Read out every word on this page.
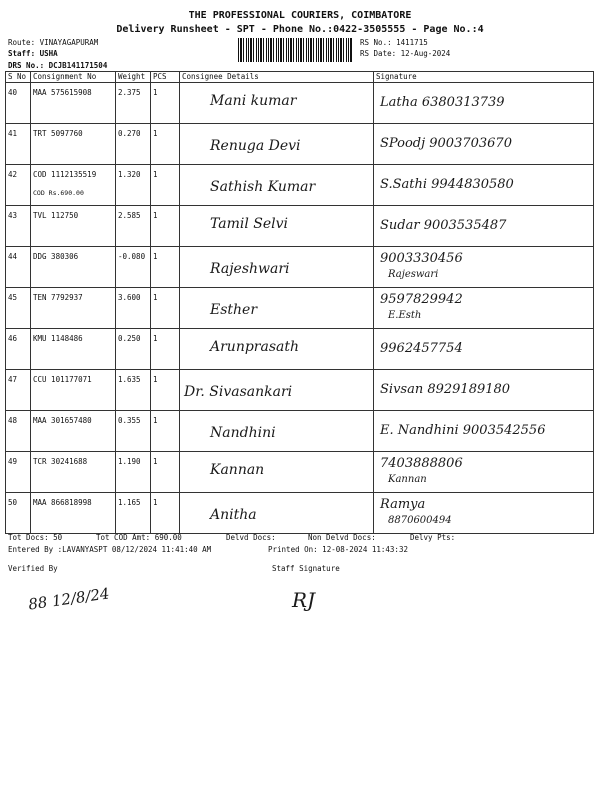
THE PROFESSIONAL COURIERS, COIMBATORE
Delivery Runsheet - SPT - Phone No.:0422-3505555 - Page No.:4
Route: VINAYAGAPURAM
Staff: USHA
DRS No.: DCJB141171504
RS No.: 1411715
RS Date: 12-Aug-2024
S No	Consignment No	Weight	PCS	Consignee Details	Signature
40	MAA 575615908	2.375	1	Mani kumar	Latha 6380313739

41	TRT 5097760	0.270	1	Renuga Devi	SPoodj 9003703670

42	COD 1112135519
COD Rs.690.00	1.320	1	Sathish Kumar	S.Sathi 9944830580

43	TVL 112750	2.585	1	Tamil Selvi	Sudar 9003535487

44	DDG 380306	-0.080	1	Rajeshwari	9003330456
Rajeswari

45	TEN 7792937	3.600	1	Esther	9597829942
E.Esth

46	KMU 1148486	0.250	1	Arunprasath	9962457754

47	CCU 101177071	1.635	1	Dr. Sivasankari	Sivsan 8929189180

48	MAA 301657480	0.355	1	Nandhini	E. Nandhini 9003542556

49	TCR 30241688	1.190	1	Kannan	7403888806
Kannan

50	MAA 866818998	1.165	1	Anitha	Ramya
8870600494
Tot Docs: 50	Tot COD Amt: 690.00	Delvd Docs:	Non Delvd Docs:	Delvy Pts:
Entered By :LAVANYASPT 08/12/2024 11:41:40 AM	Printed On: 12-08-2024 11:43:32
Verified By	Staff Signature
88 12/8/24	RJ
